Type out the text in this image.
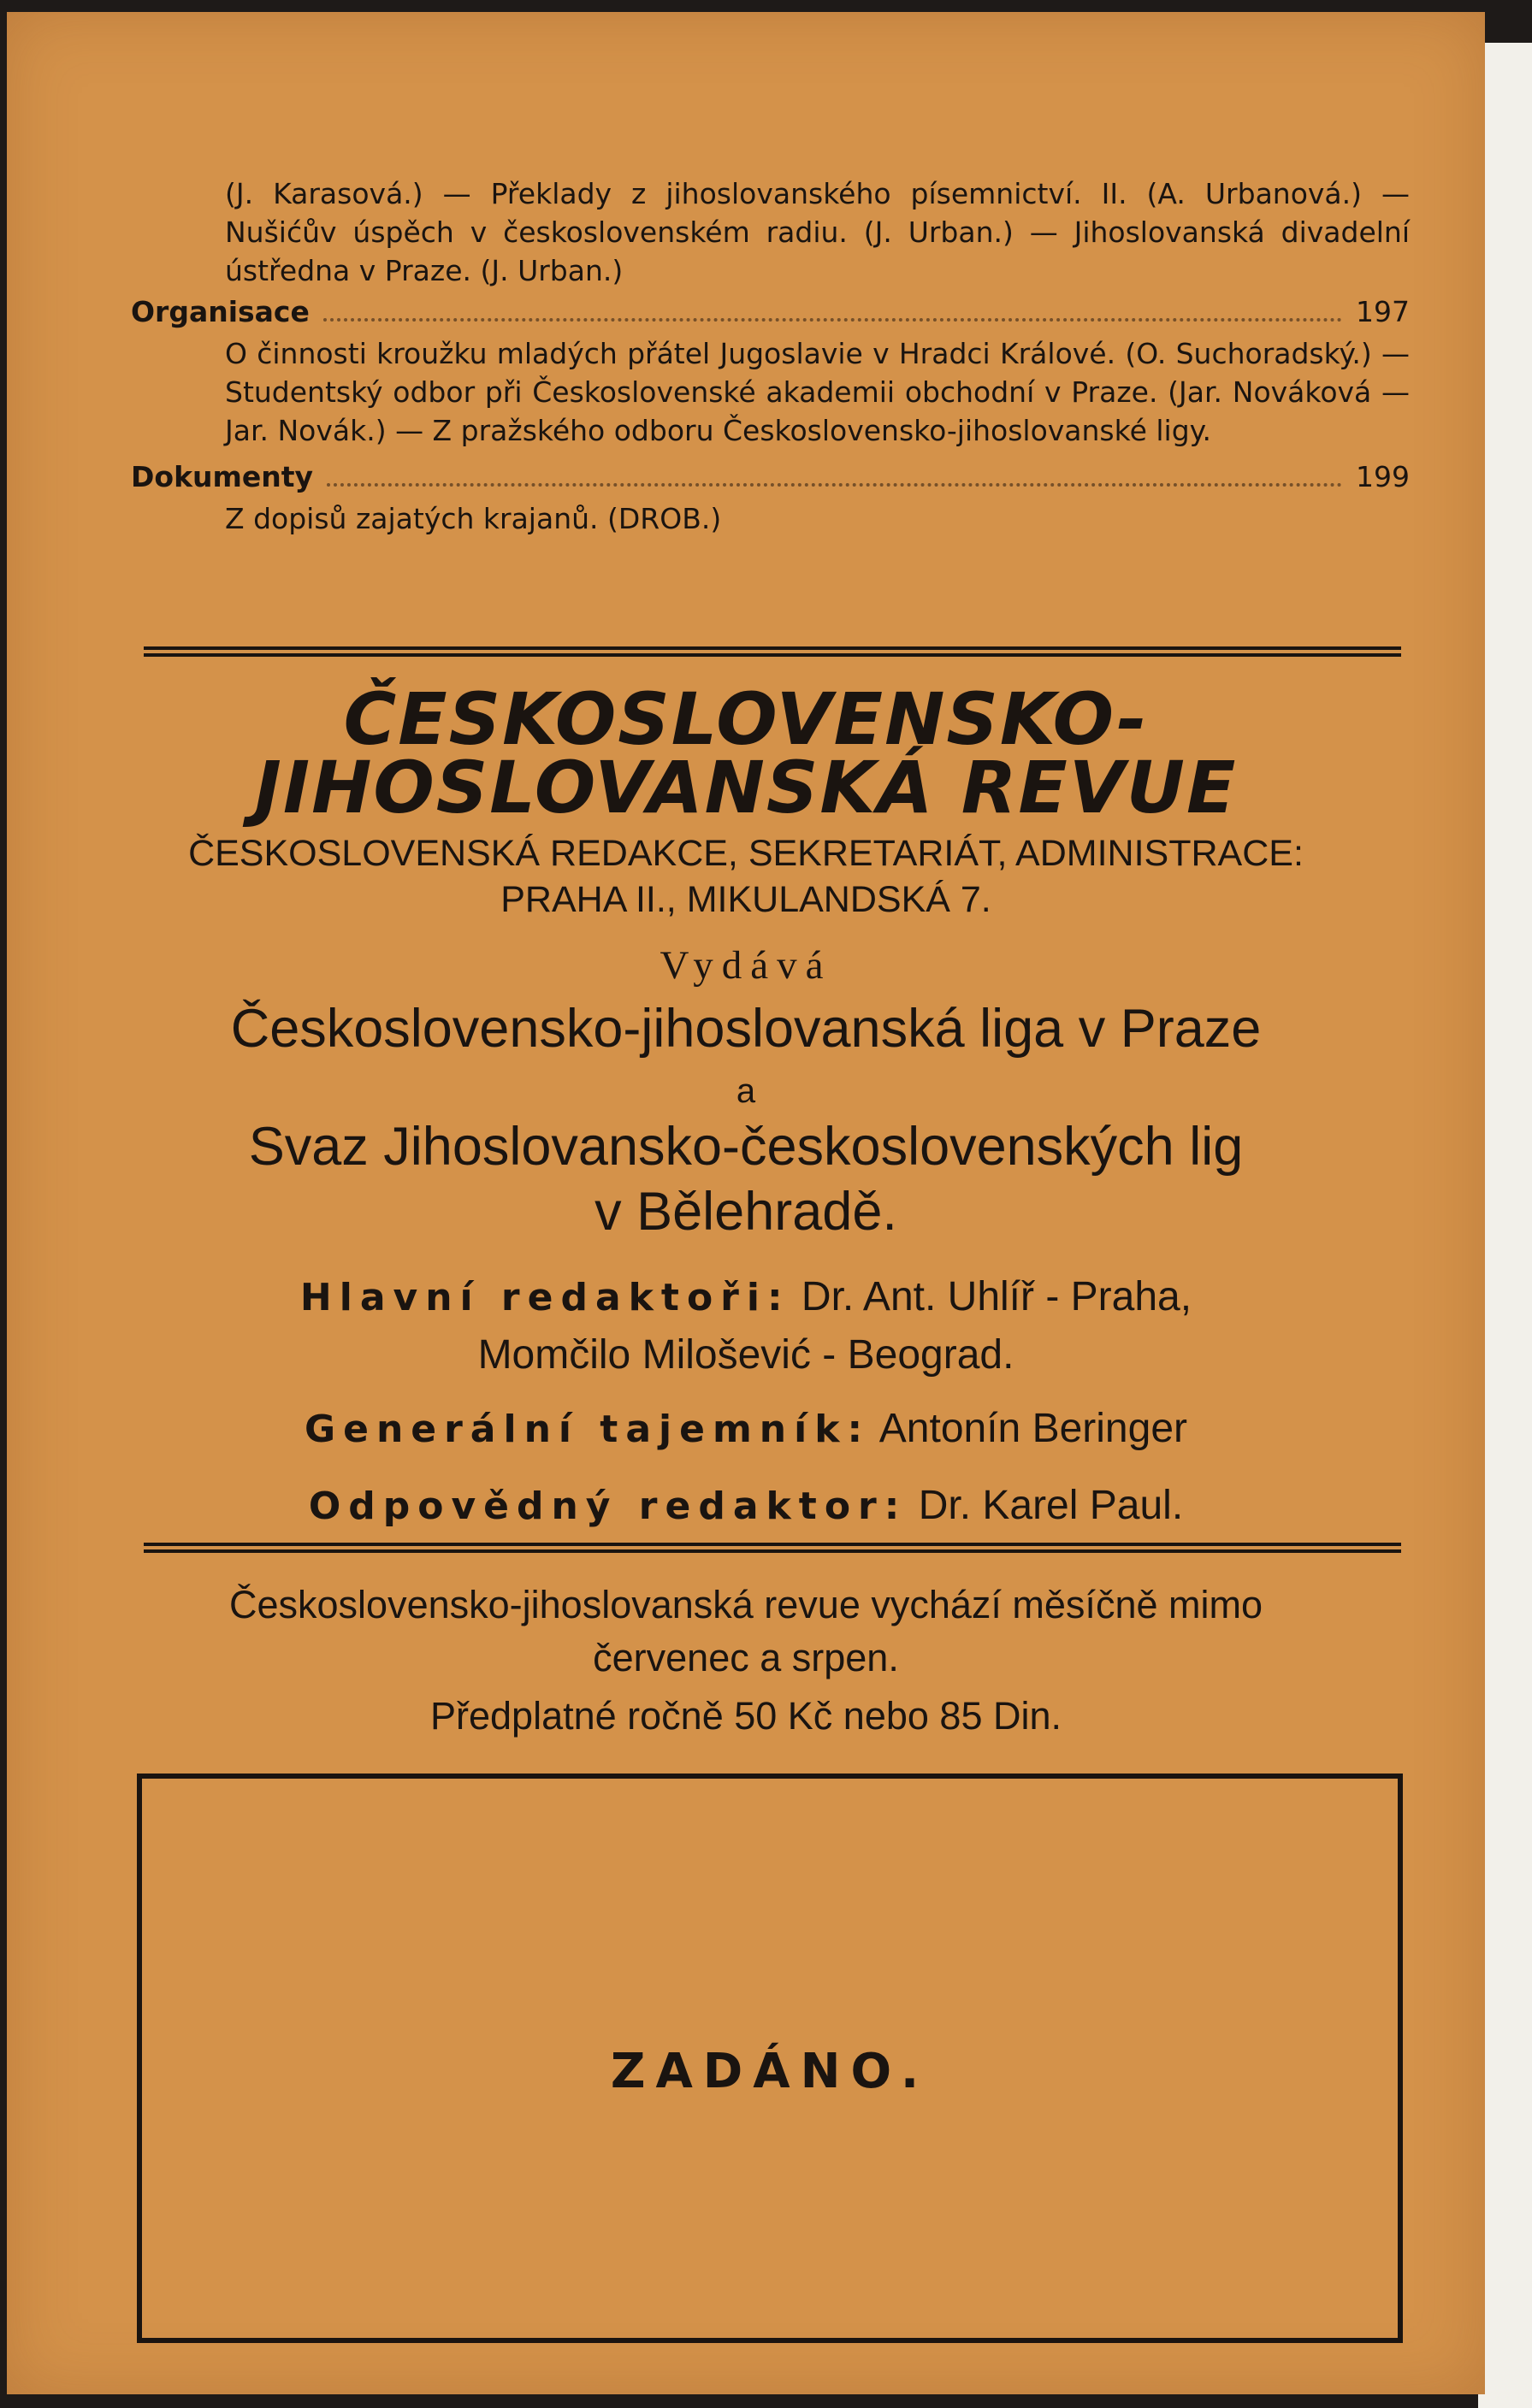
(J. Karasová.) — Překlady z jihoslovanského písemnictví. II. (A. Urbanová.) — Nušićův úspěch v československém radiu. (J. Urban.) — Jihoslovanská divadelní ústředna v Praze. (J. Urban.)
Organisace	197
O činnosti kroužku mladých přátel Jugoslavie v Hradci Králové. (O. Suchoradský.) — Studentský odbor při Československé akademii obchodní v Praze. (Jar. Nováková — Jar. Novák.) — Z pražského odboru Československo-jihoslovanské ligy.
Dokumenty	199
Z dopisů zajatých krajanů. (DROB.)
ČESKOSLOVENSKO-
JIHOSLOVANSKÁ REVUE
ČESKOSLOVENSKÁ REDAKCE, SEKRETARIÁT, ADMINISTRACE:
PRAHA II., MIKULANDSKÁ 7.
Vydává
Československo-jihoslovanská liga v Praze
a
Svaz Jihoslovansko-československých lig
v Bělehradě.
Hlavní redaktoři: Dr. Ant. Uhlíř - Praha,
Momčilo Milošević - Beograd.
Generální tajemník: Antonín Beringer
Odpovědný redaktor: Dr. Karel Paul.
Československo-jihoslovanská revue vychází měsíčně mimo
červenec a srpen.
Předplatné ročně 50 Kč nebo 85 Din.
ZADÁNO.
